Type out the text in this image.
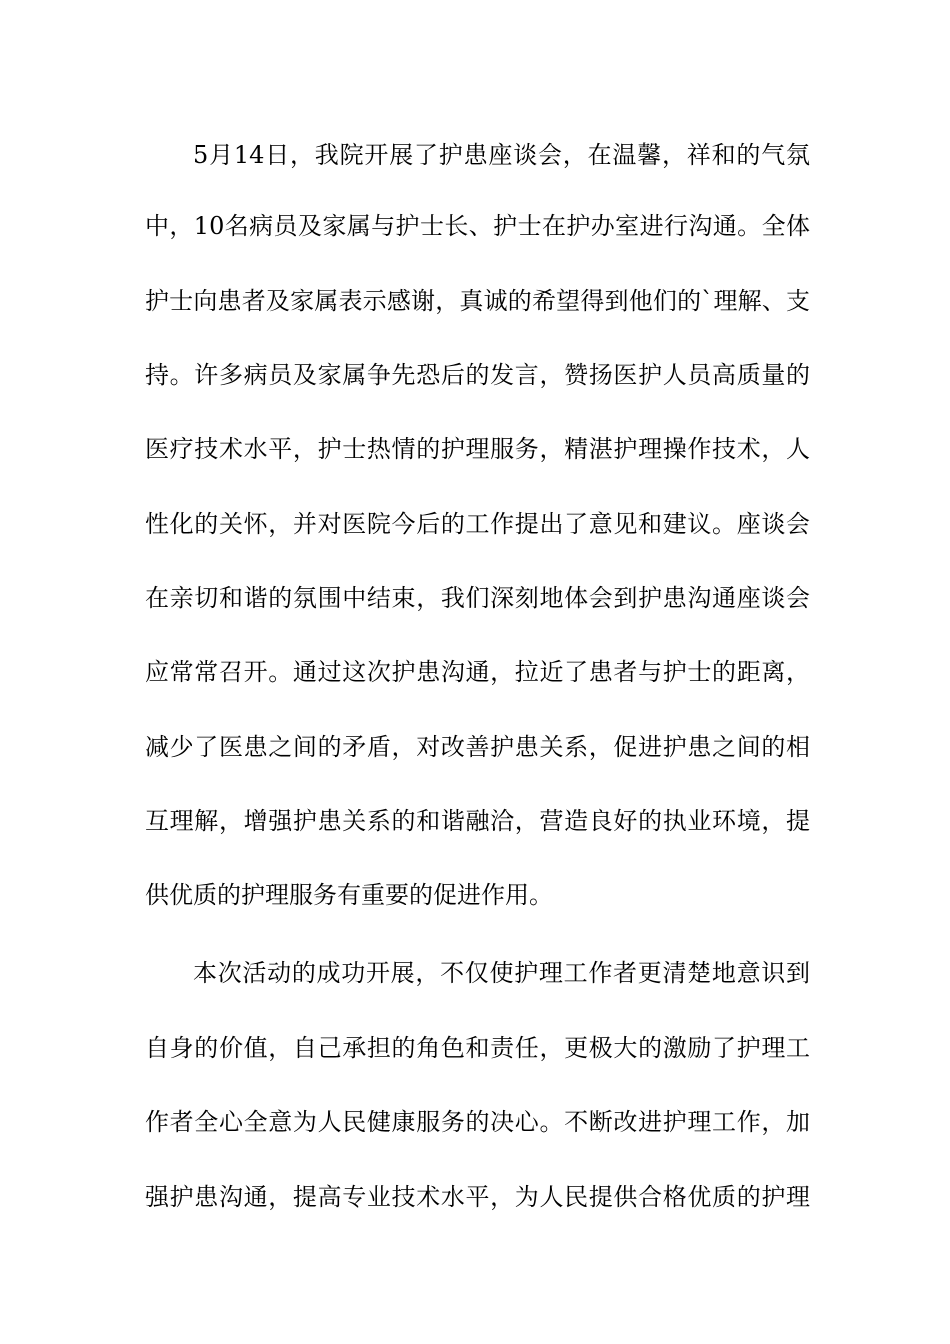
5月14日，我院开展了护患座谈会，在温馨，祥和的气氛
中，10名病员及家属与护士长、护士在护办室进行沟通。全体
护士向患者及家属表示感谢，真诚的希望得到他们的`理解、支
持。许多病员及家属争先恐后的发言，赞扬医护人员高质量的
医疗技术水平，护士热情的护理服务，精湛护理操作技术，人
性化的关怀，并对医院今后的工作提出了意见和建议。座谈会
在亲切和谐的氛围中结束，我们深刻地体会到护患沟通座谈会
应常常召开。通过这次护患沟通，拉近了患者与护士的距离，
减少了医患之间的矛盾，对改善护患关系，促进护患之间的相
互理解，增强护患关系的和谐融洽，营造良好的执业环境，提
供优质的护理服务有重要的促进作用。
本次活动的成功开展，不仅使护理工作者更清楚地意识到
自身的价值，自己承担的角色和责任，更极大的激励了护理工
作者全心全意为人民健康服务的决心。不断改进护理工作，加
强护患沟通，提高专业技术水平，为人民提供合格优质的护理
